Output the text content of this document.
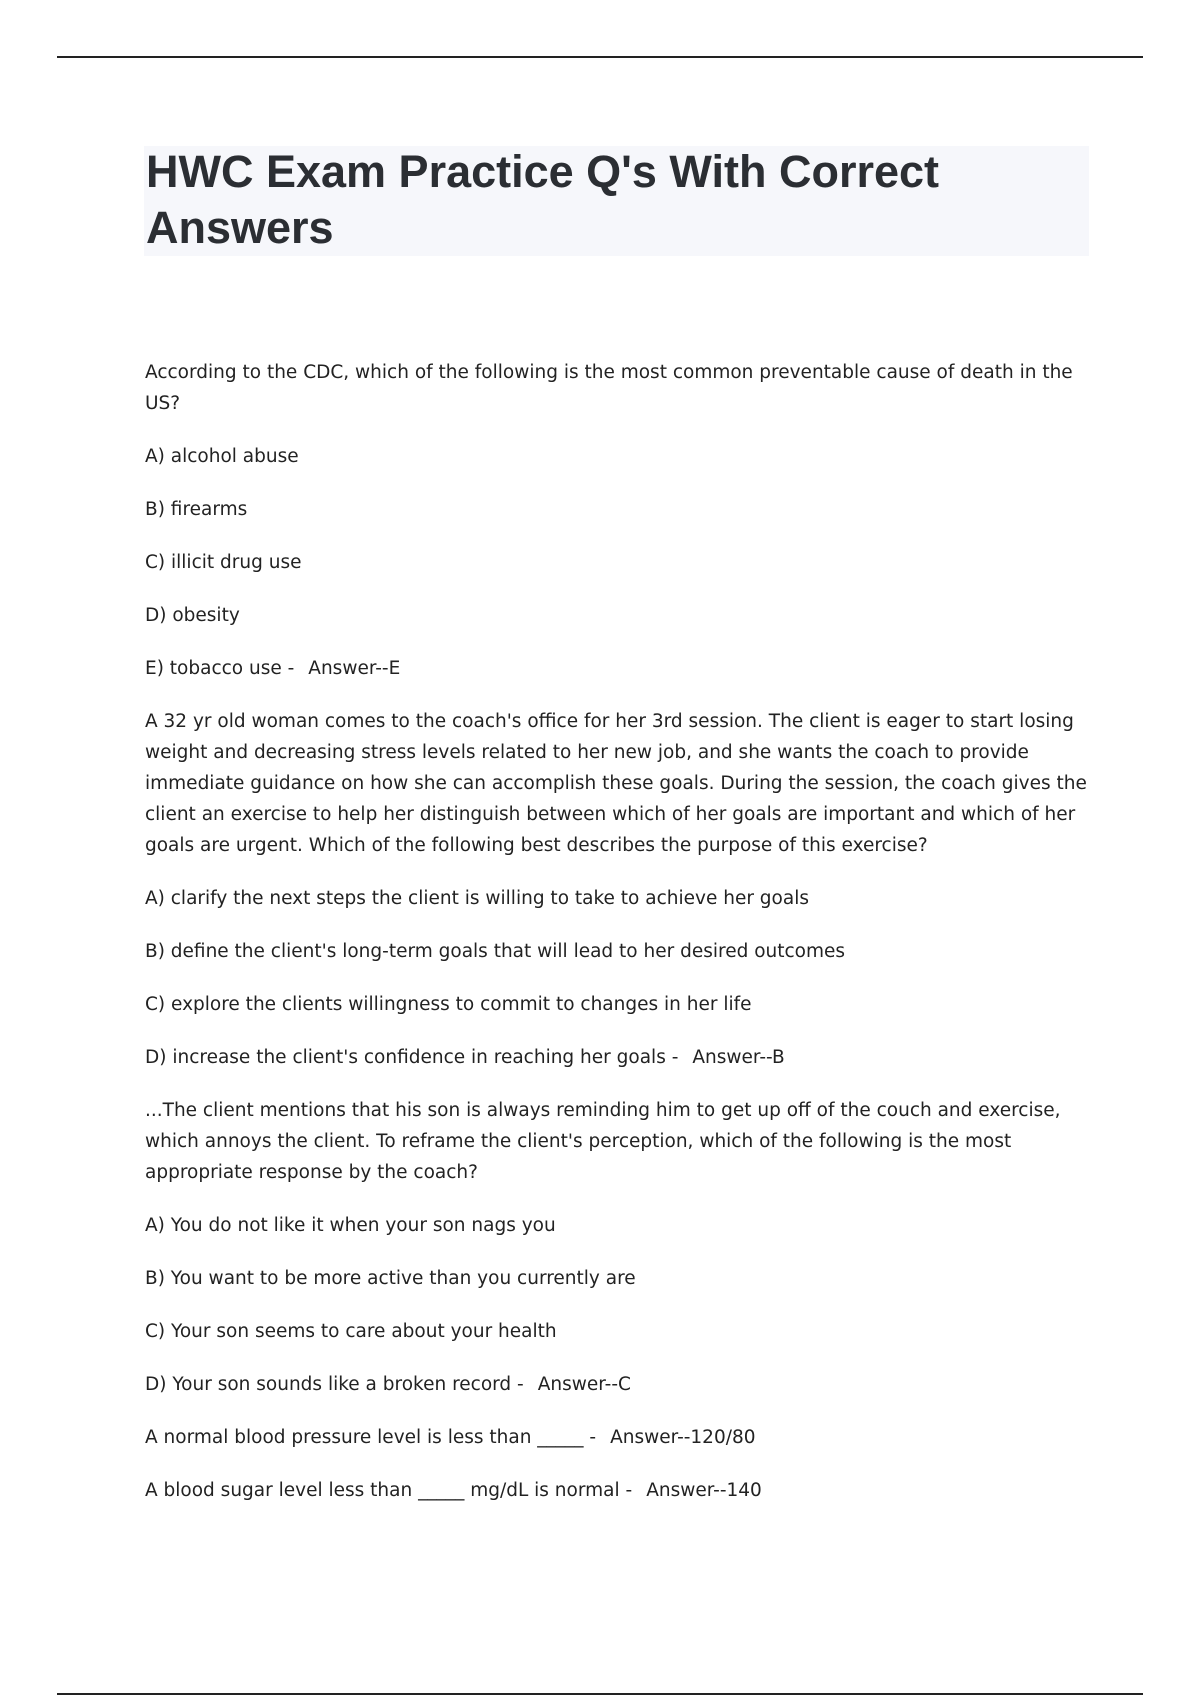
HWC Exam Practice Q's With Correct Answers

According to the CDC, which of the following is the most common preventable cause of death in the US?

A) alcohol abuse

B) firearms

C) illicit drug use

D) obesity

E) tobacco use - Answer--E

A 32 yr old woman comes to the coach's office for her 3rd session. The client is eager to start losing weight and decreasing stress levels related to her new job, and she wants the coach to provide immediate guidance on how she can accomplish these goals. During the session, the coach gives the client an exercise to help her distinguish between which of her goals are important and which of her goals are urgent. Which of the following best describes the purpose of this exercise?

A) clarify the next steps the client is willing to take to achieve her goals

B) define the client's long-term goals that will lead to her desired outcomes

C) explore the clients willingness to commit to changes in her life

D) increase the client's confidence in reaching her goals - Answer--B

...The client mentions that his son is always reminding him to get up off of the couch and exercise, which annoys the client. To reframe the client's perception, which of the following is the most appropriate response by the coach?

A) You do not like it when your son nags you

B) You want to be more active than you currently are

C) Your son seems to care about your health

D) Your son sounds like a broken record - Answer--C

A normal blood pressure level is less than _____ - Answer--120/80

A blood sugar level less than _____ mg/dL is normal - Answer--140
